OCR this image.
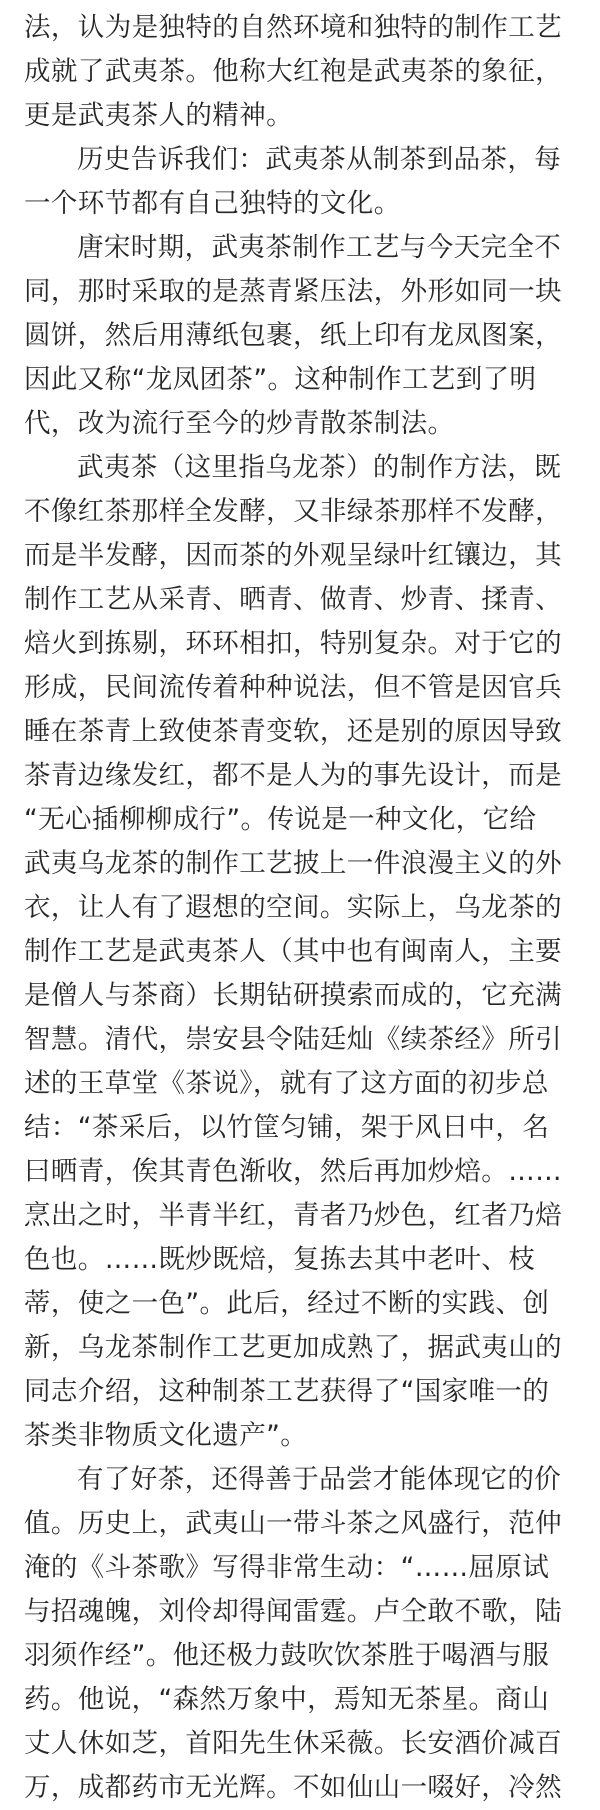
法，认为是独特的自然环境和独特的制作工艺
成就了武夷茶。他称大红袍是武夷茶的象征，
更是武夷茶人的精神。
历史告诉我们：武夷茶从制茶到品茶，每
一个环节都有自己独特的文化。
唐宋时期，武夷茶制作工艺与今天完全不
同，那时采取的是蒸青紧压法，外形如同一块
圆饼，然后用薄纸包裹，纸上印有龙凤图案，
因此又称“龙凤团茶”。这种制作工艺到了明
代，改为流行至今的炒青散茶制法。
武夷茶（这里指乌龙茶）的制作方法，既
不像红茶那样全发酵，又非绿茶那样不发酵，
而是半发酵，因而茶的外观呈绿叶红镶边，其
制作工艺从采青、晒青、做青、炒青、揉青、
焙火到拣剔，环环相扣，特别复杂。对于它的
形成，民间流传着种种说法，但不管是因官兵
睡在茶青上致使茶青变软，还是别的原因导致
茶青边缘发红，都不是人为的事先设计，而是
“无心插柳柳成行”。传说是一种文化，它给
武夷乌龙茶的制作工艺披上一件浪漫主义的外
衣，让人有了遐想的空间。实际上，乌龙茶的
制作工艺是武夷茶人（其中也有闽南人，主要
是僧人与茶商）长期钻研摸索而成的，它充满
智慧。清代，崇安县令陆廷灿《续茶经》所引
述的王草堂《茶说》，就有了这方面的初步总
结：“茶采后，以竹筐匀铺，架于风日中，名
曰晒青，俟其青色渐收，然后再加炒焙。……
烹出之时，半青半红，青者乃炒色，红者乃焙
色也。……既炒既焙，复拣去其中老叶、枝
蒂，使之一色”。此后，经过不断的实践、创
新，乌龙茶制作工艺更加成熟了，据武夷山的
同志介绍，这种制茶工艺获得了“国家唯一的
茶类非物质文化遗产”。
有了好茶，还得善于品尝才能体现它的价
值。历史上，武夷山一带斗茶之风盛行，范仲
淹的《斗茶歌》写得非常生动：“……屈原试
与招魂魄，刘伶却得闻雷霆。卢仝敢不歌，陆
羽须作经”。他还极力鼓吹饮茶胜于喝酒与服
药。他说，“森然万象中，焉知无茶星。商山
丈人休如芝，首阳先生休采薇。长安酒价减百
万，成都药市无光辉。不如仙山一啜好，冷然
